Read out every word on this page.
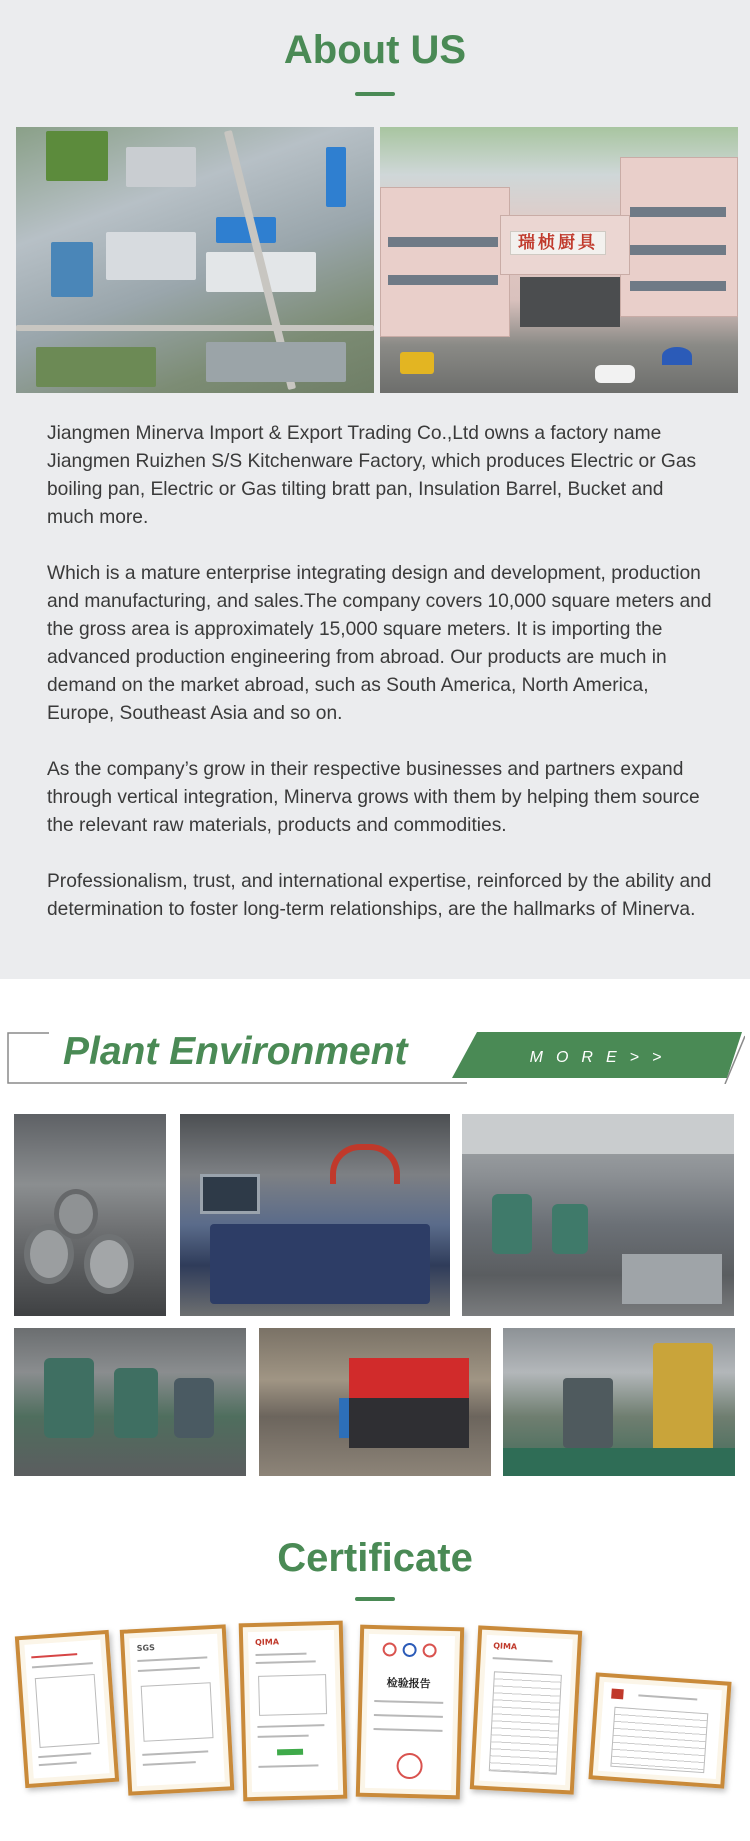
About US
瑞桢厨具

Jiangmen Minerva Import & Export Trading Co.,Ltd owns a factory name Jiangmen Ruizhen S/S Kitchenware Factory, which produces Electric or Gas boiling pan, Electric or Gas tilting bratt pan, Insulation Barrel, Bucket and much more.

Which is a mature enterprise integrating design and development, production and manufacturing, and sales.The company covers 10,000 square meters and the gross area is approximately 15,000 square meters. It is importing the advanced production engineering from abroad. Our products are much in demand on the market abroad, such as South America, North America, Europe, Southeast Asia and so on.

As the company’s grow in their respective businesses and partners expand through vertical integration, Minerva grows with them by helping them source the relevant raw materials, products and commodities.

Professionalism, trust, and international expertise, reinforced by the ability and determination to foster long-term relationships, are the hallmarks of Minerva.

Plant Environment	MORE>>
Certificate
SGS
QIMA
检验报告
QIMA
